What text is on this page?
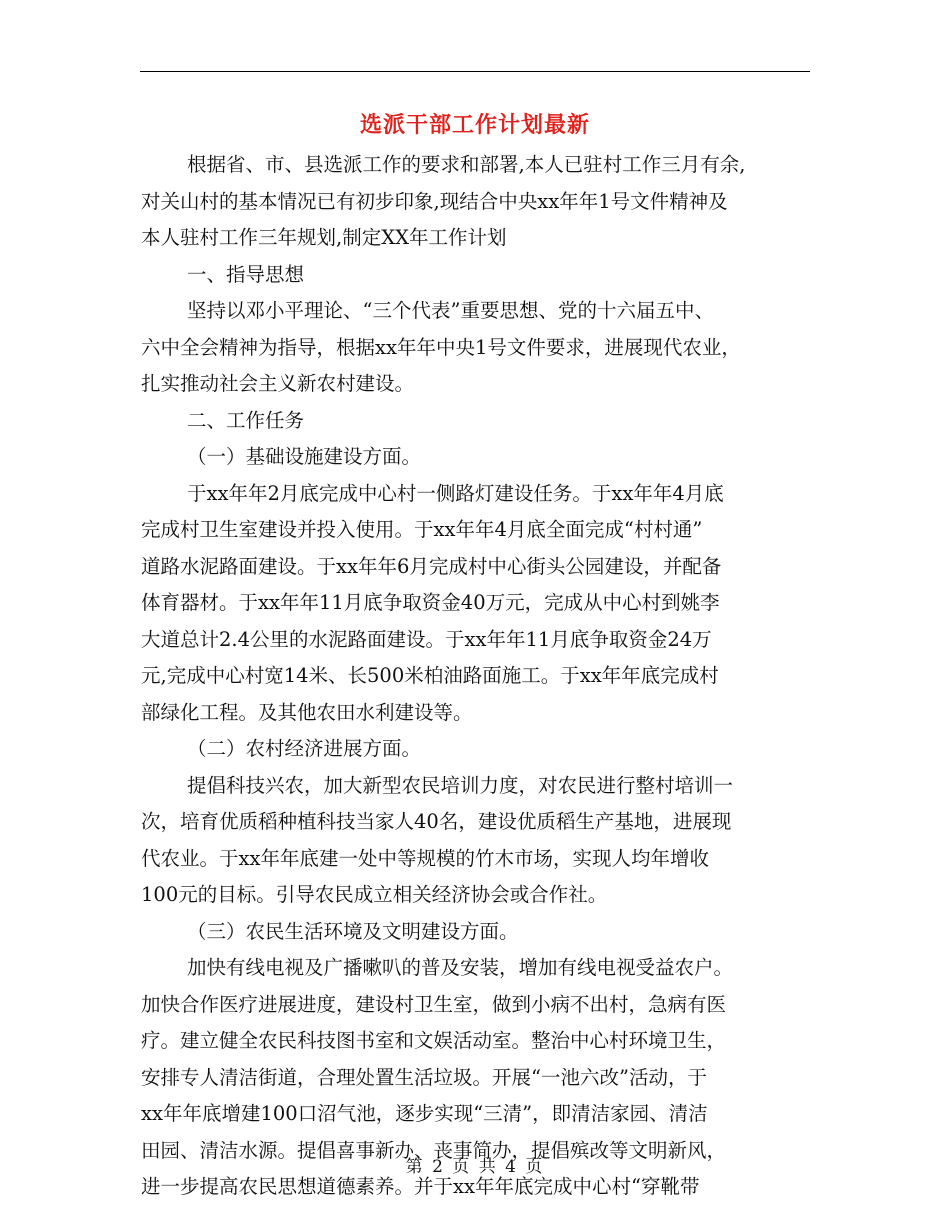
选派干部工作计划最新
根据省、市、县选派工作的要求和部署,本人已驻村工作三月有余,
对关山村的基本情况已有初步印象,现结合中央xx年年1号文件精神及
本人驻村工作三年规划,制定XX年工作计划
一、指导思想
坚持以邓小平理论、“三个代表”重要思想、党的十六届五中、
六中全会精神为指导，根据xx年年中央1号文件要求，进展现代农业，
扎实推动社会主义新农村建设。
二、工作任务
（一）基础设施建设方面。
于xx年年2月底完成中心村一侧路灯建设任务。于xx年年4月底
完成村卫生室建设并投入使用。于xx年年4月底全面完成“村村通”
道路水泥路面建设。于xx年年6月完成村中心街头公园建设，并配备
体育器材。于xx年年11月底争取资金40万元，完成从中心村到姚李
大道总计2.4公里的水泥路面建设。于xx年年11月底争取资金24万
元,完成中心村宽14米、长500米柏油路面施工。于xx年年底完成村
部绿化工程。及其他农田水利建设等。
（二）农村经济进展方面。
提倡科技兴农，加大新型农民培训力度，对农民进行整村培训一
次，培育优质稻种植科技当家人40名，建设优质稻生产基地，进展现
代农业。于xx年年底建一处中等规模的竹木市场，实现人均年增收
100元的目标。引导农民成立相关经济协会或合作社。
（三）农民生活环境及文明建设方面。
加快有线电视及广播嗽叭的普及安装，增加有线电视受益农户。
加快合作医疗进展进度，建设村卫生室，做到小病不出村，急病有医
疗。建立健全农民科技图书室和文娱活动室。整治中心村环境卫生，
安排专人清洁街道，合理处置生活垃圾。开展“一池六改”活动，于
xx年年底增建100口沼气池，逐步实现“三清”，即清洁家园、清洁
田园、清洁水源。提倡喜事新办、丧事简办，提倡殡改等文明新风，
进一步提高农民思想道德素养。并于xx年年底完成中心村“穿靴带
第 2 页 共 4 页
